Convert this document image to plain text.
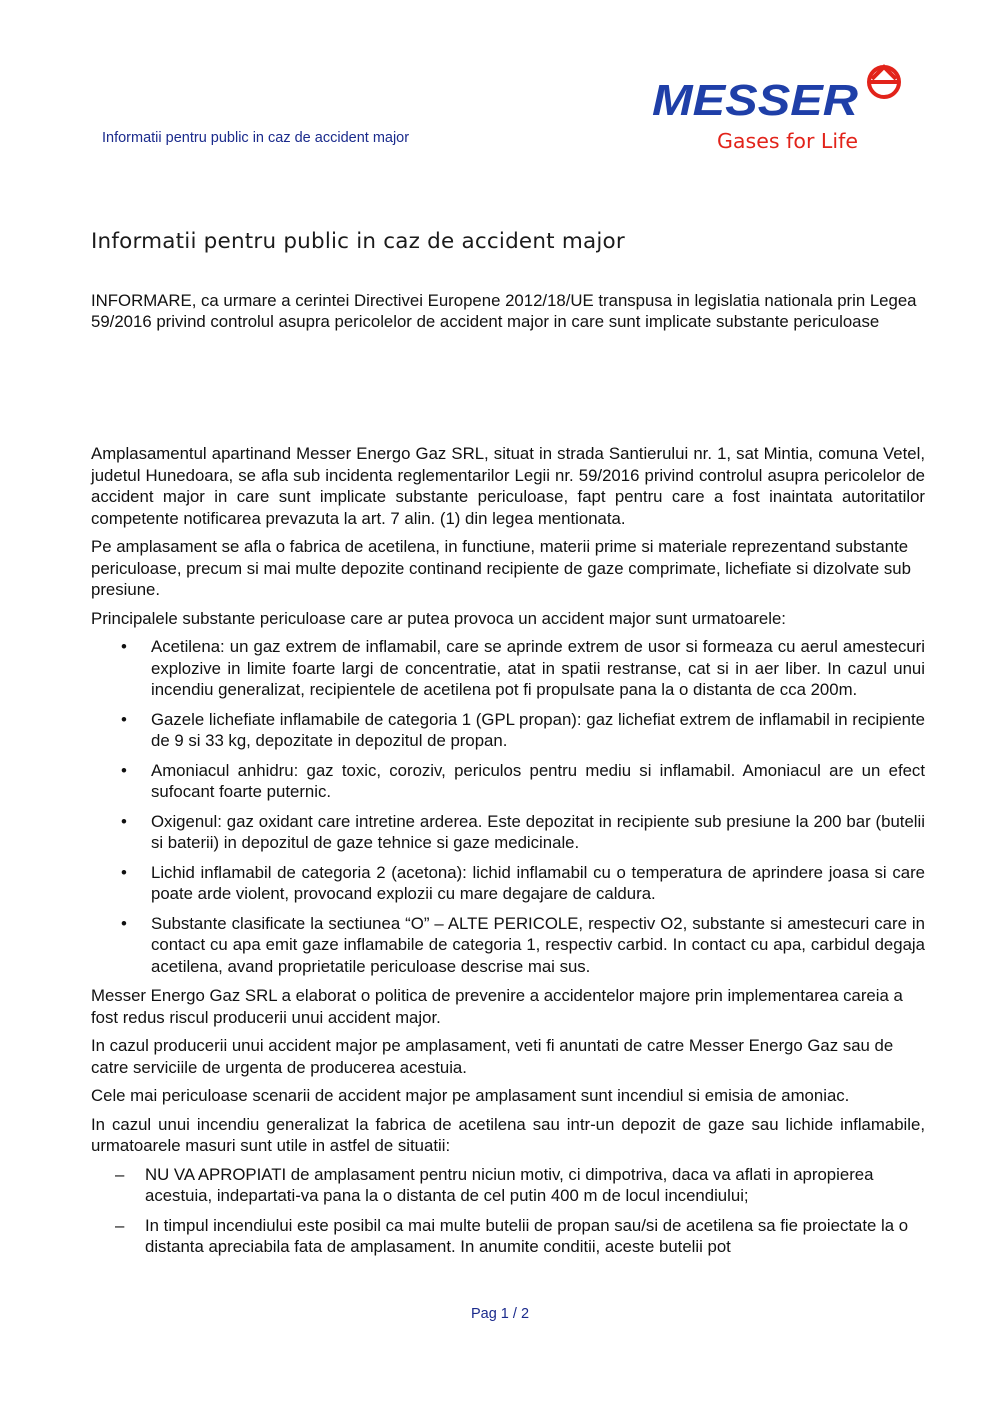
Informatii pentru public in caz de accident major
MESSER
Gases for Life
Informatii pentru public in caz de accident major

INFORMARE, ca urmare a cerintei Directivei Europene 2012/18/UE transpusa in legislatia nationala prin Legea 59/2016 privind controlul asupra pericolelor de accident major in care sunt implicate substante periculoase

Amplasamentul apartinand Messer Energo Gaz SRL, situat in strada Santierului nr. 1, sat Mintia, comuna Vetel, judetul Hunedoara, se afla sub incidenta reglementarilor Legii nr. 59/2016 privind controlul asupra pericolelor de accident major in care sunt implicate substante periculoase, fapt pentru care a fost inaintata autoritatilor competente notificarea prevazuta la art. 7 alin. (1) din legea mentionata.

Pe amplasament se afla o fabrica de acetilena, in functiune, materii prime si materiale reprezentand substante periculoase, precum si mai multe depozite continand recipiente de gaze comprimate, lichefiate si dizolvate sub presiune.

Principalele substante periculoase care ar putea provoca un accident major sunt urmatoarele:

• Acetilena: un gaz extrem de inflamabil, care se aprinde extrem de usor si formeaza cu aerul amestecuri explozive in limite foarte largi de concentratie, atat in spatii restranse, cat si in aer liber. In cazul unui incendiu generalizat, recipientele de acetilena pot fi propulsate pana la o distanta de cca 200m.
• Gazele lichefiate inflamabile de categoria 1 (GPL propan): gaz lichefiat extrem de inflamabil in recipiente de 9 si 33 kg, depozitate in depozitul de propan.
• Amoniacul anhidru: gaz toxic, coroziv, periculos pentru mediu si inflamabil. Amoniacul are un efect sufocant foarte puternic.
• Oxigenul: gaz oxidant care intretine arderea. Este depozitat in recipiente sub presiune la 200 bar (butelii si baterii) in depozitul de gaze tehnice si gaze medicinale.
• Lichid inflamabil de categoria 2 (acetona): lichid inflamabil cu o temperatura de aprindere joasa si care poate arde violent, provocand explozii cu mare degajare de caldura.
• Substante clasificate la sectiunea “O” – ALTE PERICOLE, respectiv O2, substante si amestecuri care in contact cu apa emit gaze inflamabile de categoria 1, respectiv carbid. In contact cu apa, carbidul degaja acetilena, avand proprietatile periculoase descrise mai sus.

Messer Energo Gaz SRL a elaborat o politica de prevenire a accidentelor majore prin implementarea careia a fost redus riscul producerii unui accident major.

In cazul producerii unui accident major pe amplasament, veti fi anuntati de catre Messer Energo Gaz sau de catre serviciile de urgenta de producerea acestuia.

Cele mai periculoase scenarii de accident major pe amplasament sunt incendiul si emisia de amoniac.

In cazul unui incendiu generalizat la fabrica de acetilena sau intr-un depozit de gaze sau lichide inflamabile, urmatoarele masuri sunt utile in astfel de situatii:

– NU VA APROPIATI de amplasament pentru niciun motiv, ci dimpotriva, daca va aflati in apropierea acestuia, indepartati-va pana la o distanta de cel putin 400 m de locul incendiului;
– In timpul incendiului este posibil ca mai multe butelii de propan sau/si de acetilena sa fie proiectate la o distanta apreciabila fata de amplasament. In anumite conditii, aceste butelii pot
Pag 1 / 2
